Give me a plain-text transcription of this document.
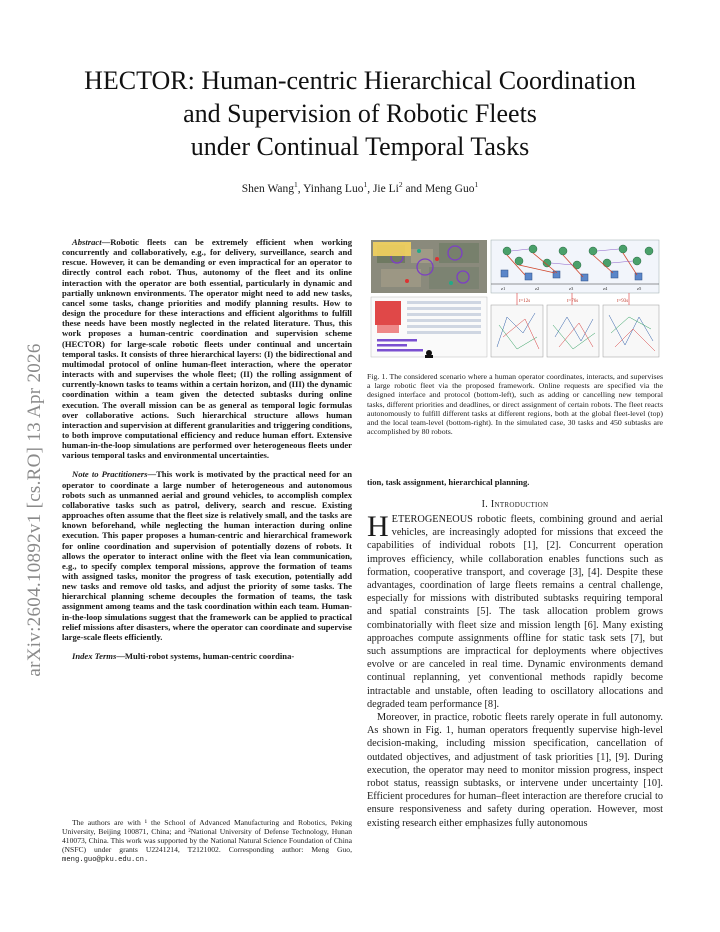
arXiv:2604.10892v1 [cs.RO] 13 Apr 2026
HECTOR: Human-centric Hierarchical Coordination
and Supervision of Robotic Fleets
under Continual Temporal Tasks
Shen Wang$^1$, Yinhang Luo$^1$, Jie Li$^2$ and Meng Guo$^1$

Abstract—Robotic fleets can be extremely efficient when working concurrently and collaboratively, e.g., for delivery, surveillance, search and rescue. However, it can be demanding or even impractical for an operator to directly control each robot. Thus, autonomy of the fleet and its online interaction with the operator are both essential, particularly in dynamic and partially unknown environments. The operator might need to add new tasks, cancel some tasks, change priorities and modify planning results. How to design the procedure for these interactions and efficient algorithms to fulfill these needs have been mostly neglected in the related literature. Thus, this work proposes a human-centric coordination and supervision scheme (HECTOR) for large-scale robotic fleets under continual and uncertain temporal tasks. It consists of three hierarchical layers: (I) the bidirectional and multimodal protocol of online human-fleet interaction, where the operator interacts with and supervises the whole fleet; (II) the rolling assignment of currently-known tasks to teams within a certain horizon, and (III) the dynamic coordination within a team given the detected subtasks during online execution. The overall mission can be as general as temporal logic formulas over collaborative actions. Such hierarchical structure allows human interaction and supervision at different granularities and triggering conditions, to both improve computational efficiency and reduce human effort. Extensive human-in-the-loop simulations are performed over heterogeneous fleets under various temporal tasks and environmental uncertainties.

Note to Practitioners—This work is motivated by the practical need for an operator to coordinate a large number of heterogeneous and autonomous robots such as unmanned aerial and ground vehicles, to accomplish complex collaborative tasks such as patrol, delivery, search and rescue. Existing approaches often assume that the fleet size is relatively small, and the tasks are known beforehand, while neglecting the human interaction during online execution. This paper proposes a human-centric and hierarchical framework for online coordination and supervision of potentially dozens of robots. It allows the operator to interact online with the fleet via lean communication, e.g., to specify complex temporal missions, approve the formation of teams with assigned tasks, monitor the progress of task execution, potentially add new tasks and remove old tasks, and adjust the priority of some tasks. The hierarchical planning scheme decouples the formation of teams, the task assignment among teams and the task coordination within each team. Human-in-the-loop simulations suggest that the framework can be applied to practical relief missions after disasters, where the operator can coordinate and supervise large-scale fleets efficiently.

Index Terms—Multi-robot systems, human-centric coordina-

The authors are with ¹ the School of Advanced Manufacturing and Robotics, Peking University, Beijing 100871, China; and ²National University of Defense Technology, Hunan 410073, China. This work was supported by the National Natural Science Foundation of China (NSFC) under grants U2241214, T2121002. Corresponding author: Meng Guo, meng.guo@pku.edu.cn.
z1	z2	z3	z4	z5
t=12s	t=76s	t=93s
Fig. 1. The considered scenario where a human operator coordinates, interacts, and supervises a large robotic fleet via the proposed framework. Online requests are specified via the designed interface and protocol (bottom-left), such as adding or cancelling new temporal tasks, different priorities and deadlines, or direct assignment of certain robots. The fleet reacts autonomously to fulfill different tasks at different regions, both at the global fleet-level (top) and the local team-level (bottom-right). In the simulated case, 30 tasks and 450 subtasks are accomplished by 80 robots.
tion, task assignment, hierarchical planning.
I. Introduction

HETEROGENEOUS robotic fleets, combining ground and aerial vehicles, are increasingly adopted for missions that exceed the capabilities of individual robots [1], [2]. Concurrent operation improves efficiency, while collaboration enables functions such as formation, cooperative transport, and coverage [3], [4]. Despite these advantages, coordination of large fleets remains a central challenge, especially for missions with distributed subtasks requiring temporal and spatial constraints [5]. The task allocation problem grows combinatorially with fleet size and mission length [6]. Many existing approaches compute assignments offline for static task sets [7], but such assumptions are impractical for deployments where objectives evolve or are canceled in real time. Dynamic environments demand continual replanning, yet conventional methods rapidly become intractable and unstable, often leading to oscillatory allocations and degraded team performance [8].

Moreover, in practice, robotic fleets rarely operate in full autonomy. As shown in Fig. 1, human operators frequently supervise high-level decision-making, including mission specification, cancellation of outdated objectives, and adjustment of task priorities [1], [9]. During execution, the operator may need to monitor mission progress, inspect robot status, reassign subtasks, or intervene under uncertainty [10]. Efficient procedures for human–fleet interaction are therefore crucial to ensure responsiveness and safety during operation. However, most existing research either emphasizes fully autonomous
